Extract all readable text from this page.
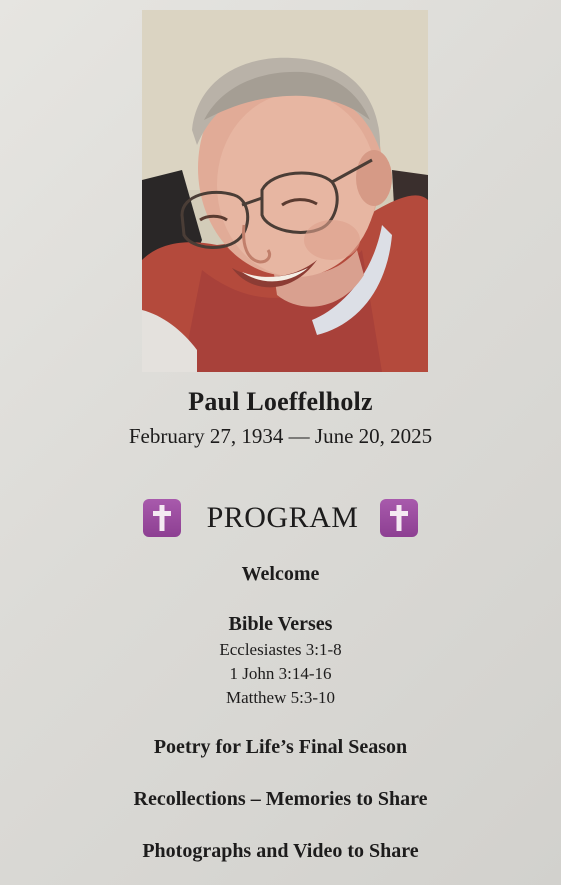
Paul Loeffelholz
February 27, 1934 — June 20, 2025
PROGRAM
Welcome
Bible Verses
Ecclesiastes 3:1-8
1 John 3:14-16
Matthew 5:3-10
Poetry for Life’s Final Season
Recollections – Memories to Share
Photographs and Video to Share
